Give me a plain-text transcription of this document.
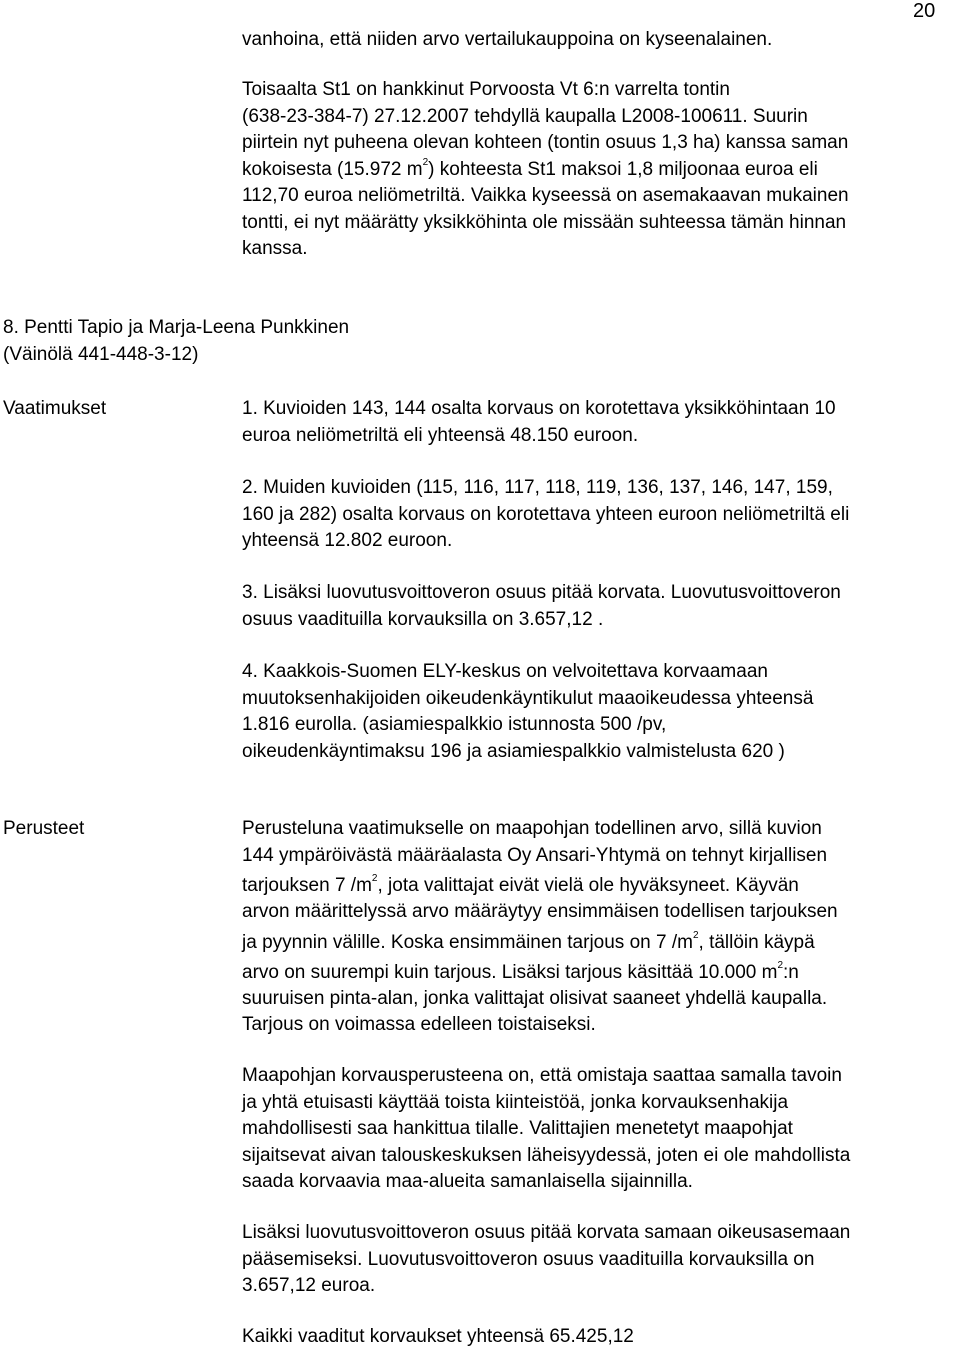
20
vanhoina, että niiden arvo vertailukauppoina on kyseenalainen.
Toisaalta St1 on hankkinut Porvoosta Vt 6:n varrelta tontin
(638-23-384-7) 27.12.2007 tehdyllä kaupalla L2008-100611. Suurin
piirtein nyt puheena olevan kohteen (tontin osuus 1,3 ha) kanssa saman
kokoisesta (15.972 $m^2$) kohteesta St1 maksoi 1,8 miljoonaa euroa eli
112,70 euroa neliömetriltä. Vaikka kyseessä on asemakaavan mukainen
tontti, ei nyt määrätty yksikköhinta ole missään suhteessa tämän hinnan
kanssa.
8. Pentti Tapio ja Marja-Leena Punkkinen
(Väinölä 441-448-3-12)
Vaatimukset	1. Kuvioiden 143, 144 osalta korvaus on korotettava yksikköhintaan 10
euroa neliömetriltä eli yhteensä 48.150 euroon.
2. Muiden kuvioiden (115, 116, 117, 118, 119, 136, 137, 146, 147, 159,
160 ja 282) osalta korvaus on korotettava yhteen euroon neliömetriltä eli
yhteensä 12.802 euroon.
3. Lisäksi luovutusvoittoveron osuus pitää korvata. Luovutusvoittoveron
osuus vaadituilla korvauksilla on 3.657,12 .
4. Kaakkois-Suomen ELY-keskus on velvoitettava korvaamaan
muutoksenhakijoiden oikeudenkäyntikulut maaoikeudessa yhteensä
1.816 eurolla. (asiamiespalkkio istunnosta 500 /pv,
oikeudenkäyntimaksu 196 ja asiamiespalkkio valmistelusta 620 )
Perusteet	Perusteluna vaatimukselle on maapohjan todellinen arvo, sillä kuvion
144 ympäröivästä määräalasta Oy Ansari-Yhtymä on tehnyt kirjallisen
tarjouksen 7 $/m^2$, jota valittajat eivät vielä ole hyväksyneet. Käyvän
arvon määrittelyssä arvo määräytyy ensimmäisen todellisen tarjouksen
ja pyynnin välille. Koska ensimmäinen tarjous on 7 $/m^2$, tällöin käypä
arvo on suurempi kuin tarjous. Lisäksi tarjous käsittää 10.000 $m^2:n$
suuruisen pinta-alan, jonka valittajat olisivat saaneet yhdellä kaupalla.
Tarjous on voimassa edelleen toistaiseksi.
Maapohjan korvausperusteena on, että omistaja saattaa samalla tavoin
ja yhtä etuisasti käyttää toista kiinteistöä, jonka korvauksenhakija
mahdollisesti saa hankittua tilalle. Valittajien menetetyt maapohjat
sijaitsevat aivan talouskeskuksen läheisyydessä, joten ei ole mahdollista
saada korvaavia maa-alueita samanlaisella sijainnilla.
Lisäksi luovutusvoittoveron osuus pitää korvata samaan oikeusasemaan
pääsemiseksi. Luovutusvoittoveron osuus vaadituilla korvauksilla on
3.657,12 euroa.
Kaikki vaaditut korvaukset yhteensä 65.425,12
